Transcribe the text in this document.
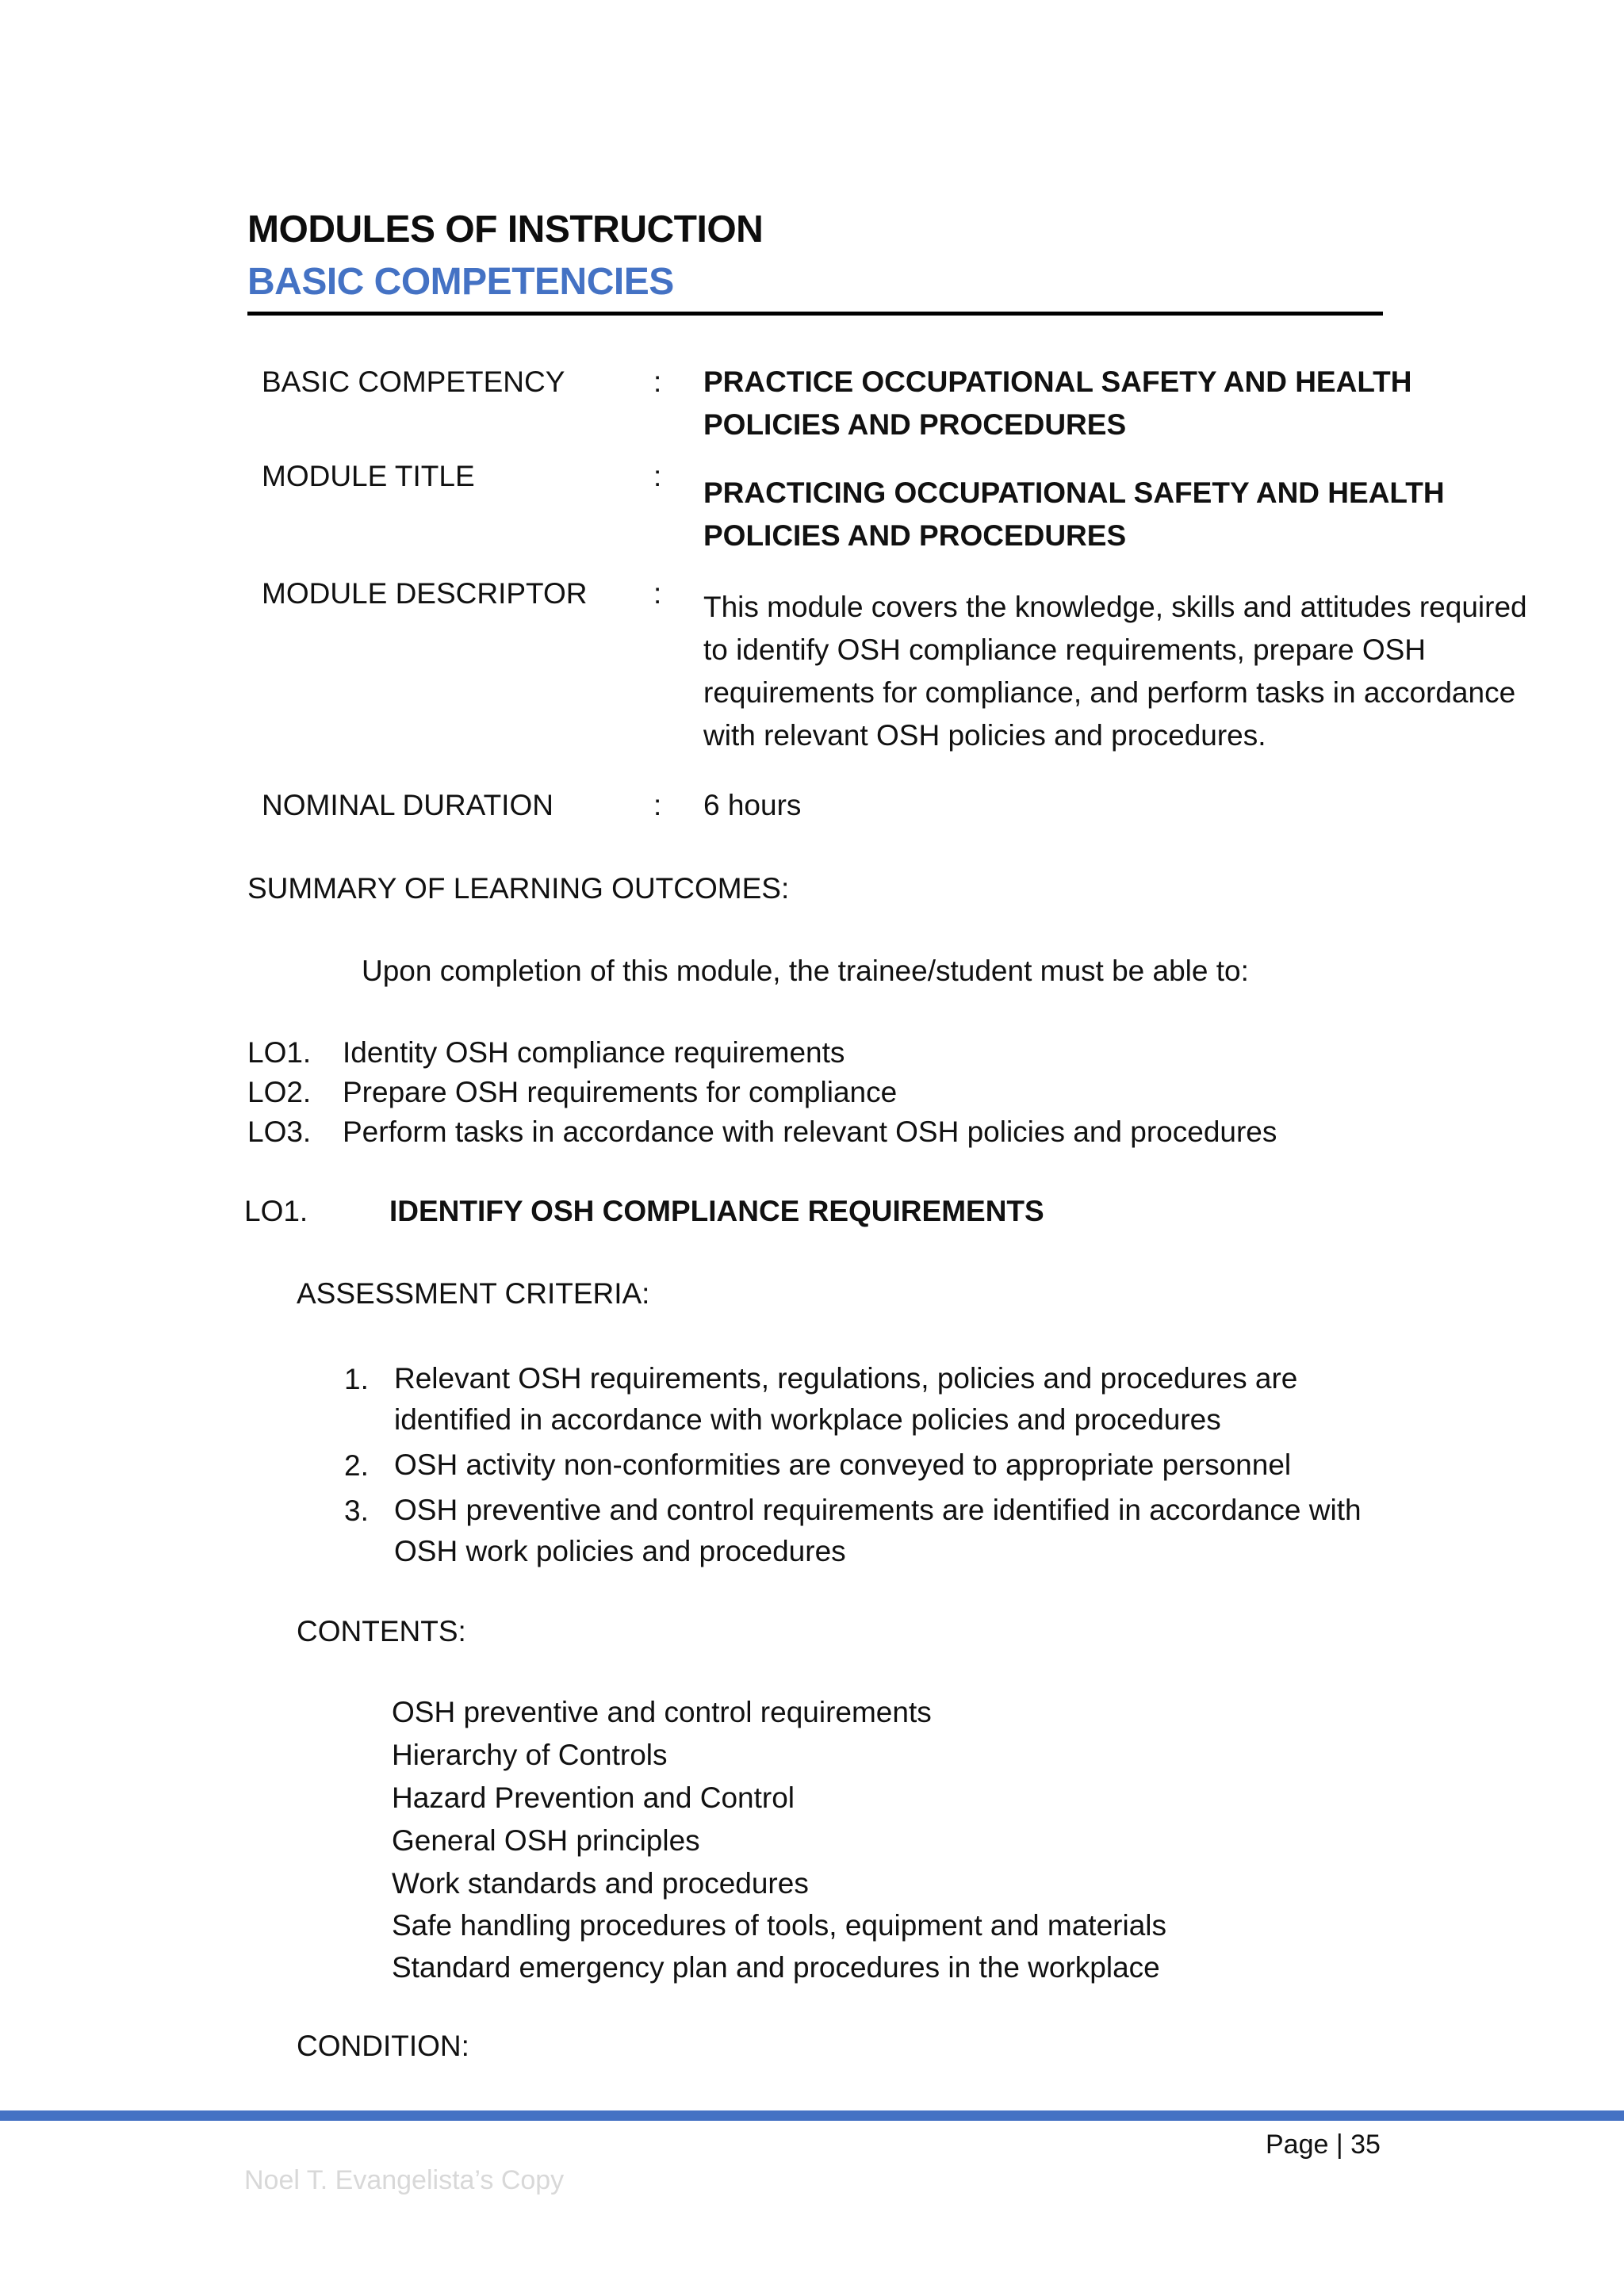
MODULES OF INSTRUCTION
BASIC COMPETENCIES
BASIC COMPETENCY	: PRACTICE OCCUPATIONAL SAFETY AND HEALTH POLICIES AND PROCEDURES
MODULE TITLE	:
PRACTICING OCCUPATIONAL SAFETY AND HEALTH POLICIES AND PROCEDURES
MODULE DESCRIPTOR : This module covers the knowledge, skills and attitudes required to identify OSH compliance requirements, prepare OSH requirements for compliance, and perform tasks in accordance with relevant OSH policies and procedures.
NOMINAL DURATION	: 6 hours
SUMMARY OF LEARNING OUTCOMES:
Upon completion of this module, the trainee/student must be able to:
LO1. Identity OSH compliance requirements
LO2. Prepare OSH requirements for compliance
LO3. Perform tasks in accordance with relevant OSH policies and procedures
LO1.	IDENTIFY OSH COMPLIANCE REQUIREMENTS
ASSESSMENT CRITERIA:
1. Relevant OSH requirements, regulations, policies and procedures are identified in accordance with workplace policies and procedures
2. OSH activity non-conformities are conveyed to appropriate personnel
3. OSH preventive and control requirements are identified in accordance with OSH work policies and procedures
CONTENTS:
OSH preventive and control requirements
Hierarchy of Controls
Hazard Prevention and Control
General OSH principles
Work standards and procedures
Safe handling procedures of tools, equipment and materials
Standard emergency plan and procedures in the workplace
CONDITION:
Page | 35
Noel T. Evangelista’s Copy
